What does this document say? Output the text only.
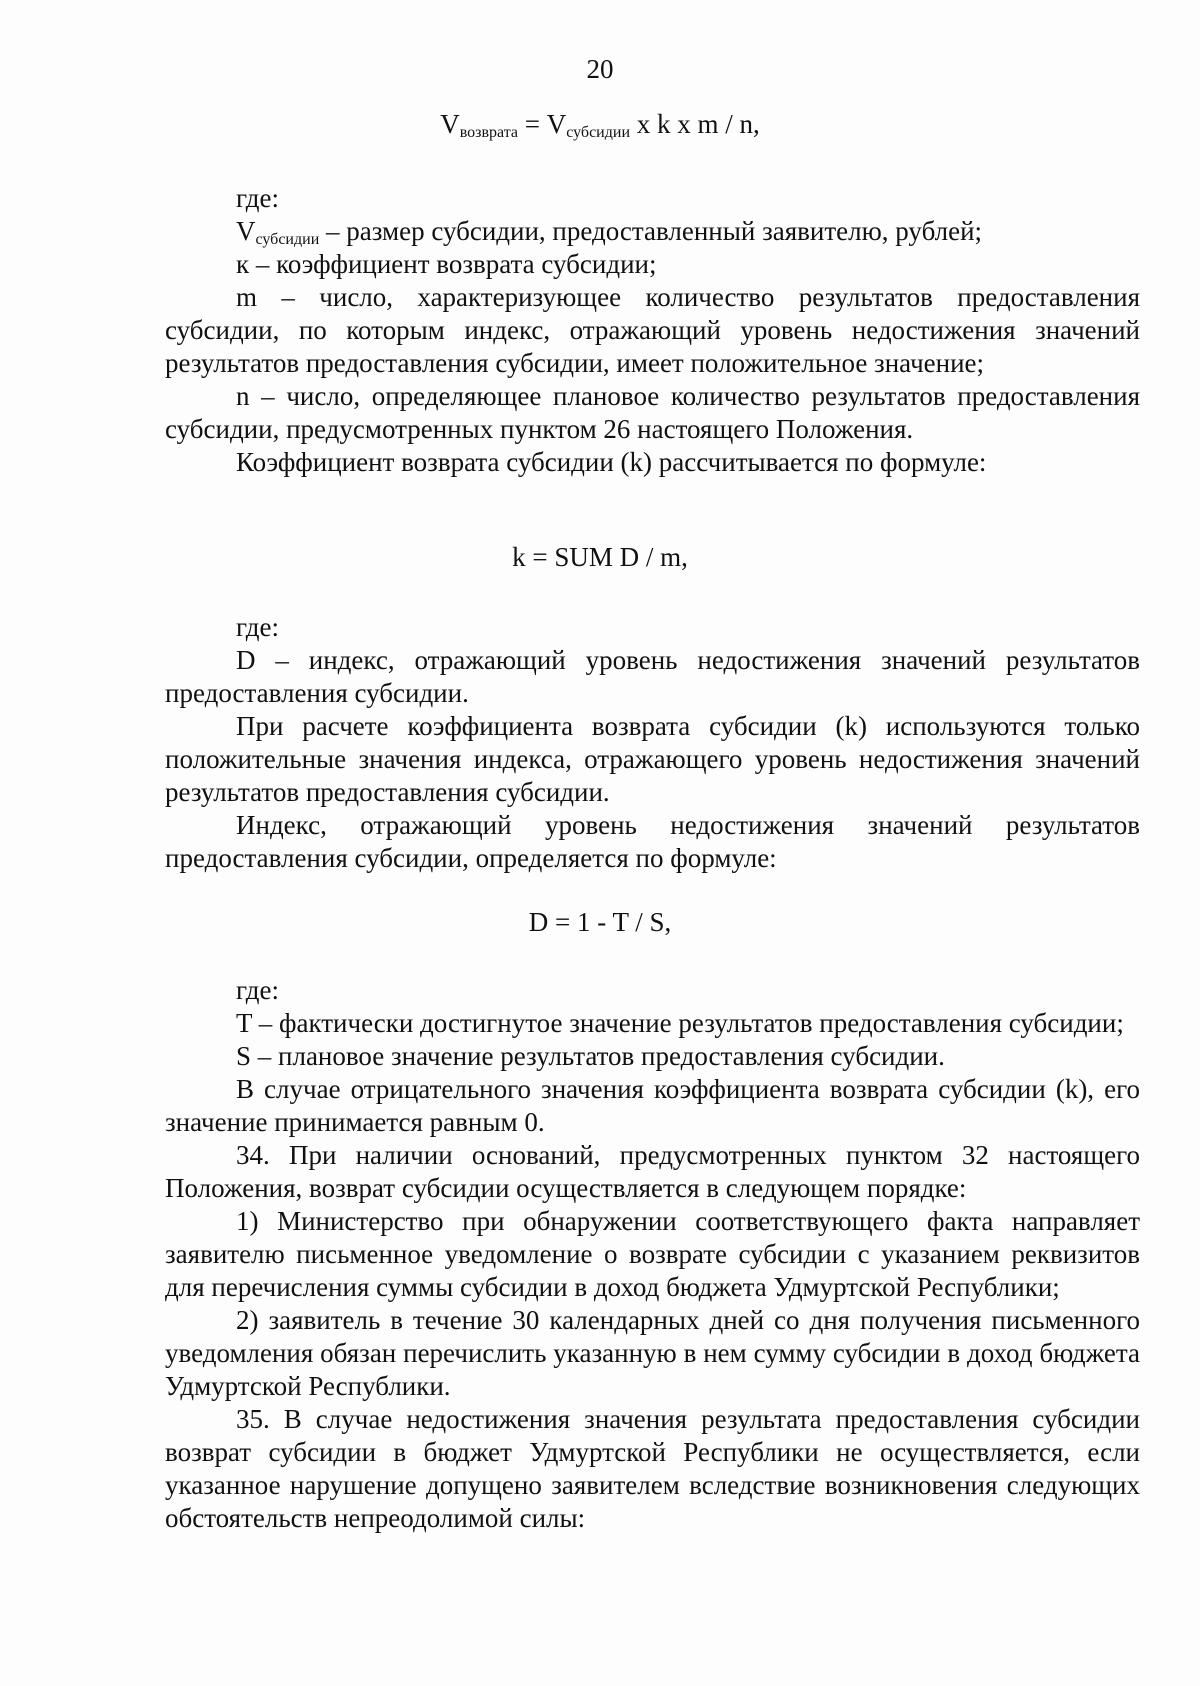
20
$V_{возврата} = V_{субсидии}$ x k x m / n,

где:

$V_{субсидии}$ – размер субсидии, предоставленный заявителю, рублей;

к – коэффициент возврата субсидии;

m – число, характеризующее количество результатов предоставления субсидии, по которым индекс, отражающий уровень недостижения значений результатов предоставления субсидии, имеет положительное значение;

n – число, определяющее плановое количество результатов предоставления субсидии, предусмотренных пунктом 26 настоящего Положения.

Коэффициент возврата субсидии (k) рассчитывается по формуле:

k = SUM D / m,

где:

D – индекс, отражающий уровень недостижения значений результатов предоставления субсидии.

При расчете коэффициента возврата субсидии (k) используются только положительные значения индекса, отражающего уровень недостижения значений результатов предоставления субсидии.

Индекс, отражающий уровень недостижения значений результатов предоставления субсидии, определяется по формуле:

D = 1 - T / S,

где:

T – фактически достигнутое значение результатов предоставления субсидии;

S – плановое значение результатов предоставления субсидии.

В случае отрицательного значения коэффициента возврата субсидии (k), его значение принимается равным 0.

34. При наличии оснований, предусмотренных пунктом 32 настоящего Положения, возврат субсидии осуществляется в следующем порядке:

1) Министерство при обнаружении соответствующего факта направляет заявителю письменное уведомление о возврате субсидии с указанием реквизитов для перечисления суммы субсидии в доход бюджета Удмуртской Республики;

2) заявитель в течение 30 календарных дней со дня получения письменного уведомления обязан перечислить указанную в нем сумму субсидии в доход бюджета Удмуртской Республики.

35. В случае недостижения значения результата предоставления субсидии возврат субсидии в бюджет Удмуртской Республики не осуществляется, если указанное нарушение допущено заявителем вследствие возникновения следующих обстоятельств непреодолимой силы:
